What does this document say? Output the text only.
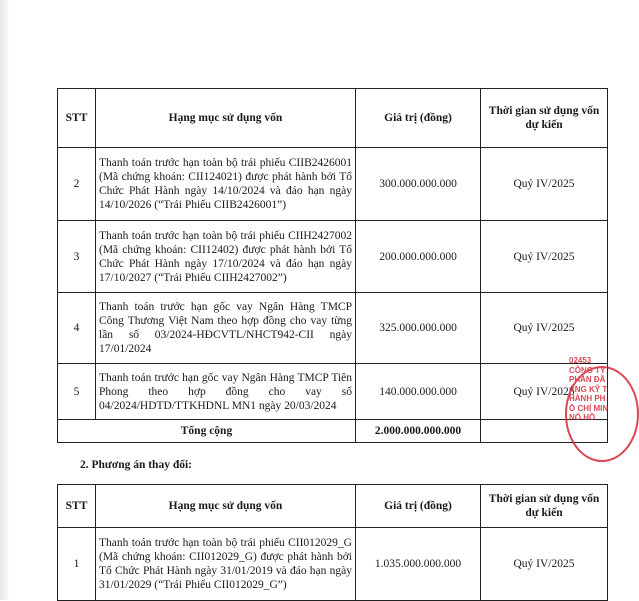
STT	Hạng mục sử dụng vốn	Giá trị (đồng)	Thời gian sử dụng vốn dự kiến
2	Thanh toán trước hạn toàn bộ trái phiếu CIIB2426001 (Mã chứng khoán: CII124021) được phát hành bởi Tổ Chức Phát Hành ngày 14/10/2024 và đáo hạn ngày 14/10/2026 (“Trái Phiếu CIIB2426001”)	300.000.000.000	Quý IV/2025
3	Thanh toán trước hạn toàn bộ trái phiếu CIIH2427002 (Mã chứng khoán: CII12402) được phát hành bởi Tổ Chức Phát Hành ngày 17/10/2024 và đáo hạn ngày 17/10/2027 (“Trái Phiếu CIIH2427002”)	200.000.000.000	Quý IV/2025
4	Thanh toán trước hạn gốc vay Ngân Hàng TMCP Công Thương Việt Nam theo hợp đồng cho vay từng lần số 03/2024-HĐCVTL/NHCT942-CII ngày 17/01/2024	325.000.000.000	Quý IV/2025
5	Thanh toán trước hạn gốc vay Ngân Hàng TMCP Tiên Phong theo hợp đồng cho vay số 04/2024/HDTD/TTKHDNL MN1 ngày 20/03/2024	140.000.000.000	Quý IV/2025
Tổng cộng		2.000.000.000.000	
2. Phương án thay đổi:
STT	Hạng mục sử dụng vốn	Giá trị (đồng)	Thời gian sử dụng vốn dự kiến
1	Thanh toán trước hạn toàn bộ trái phiếu CII012029_G (Mã chứng khoán: CII012029_G) được phát hành bởi Tổ Chức Phát Hành ngày 31/01/2019 và đáo hạn ngày 31/01/2029 (“Trái Phiếu CII012029_G”)	1.035.000.000.000	Quý IV/2025
02453
CÔNG TY
PHẦN ĐẦ
ÁNG KỸ T
HÀNH PH
Ồ CHÍ MIN
NỐ HỒ
